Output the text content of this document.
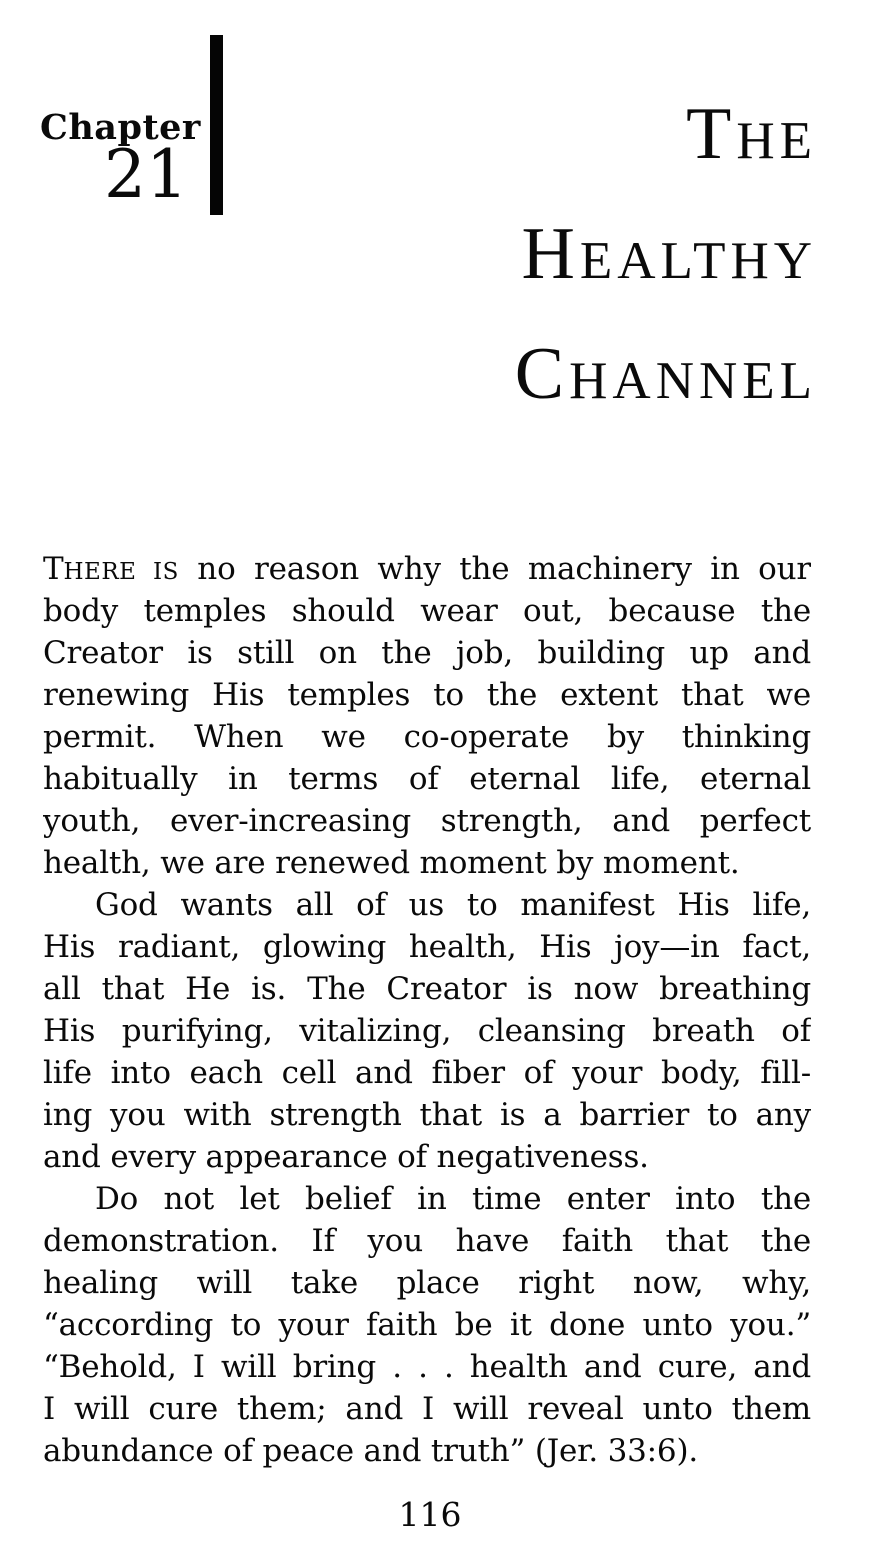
Chapter
21	THE
HEALTHY
CHANNEL
THERE IS no reason why the machinery in our
body temples should wear out, because the
Creator is still on the job, building up and
renewing His temples to the extent that we
permit. When we co-operate by thinking
habitually in terms of eternal life, eternal
youth, ever-increasing strength, and perfect
health, we are renewed moment by moment.
God wants all of us to manifest His life,
His radiant, glowing health, His joy—in fact,
all that He is. The Creator is now breathing
His purifying, vitalizing, cleansing breath of
life into each cell and fiber of your body, fill-
ing you with strength that is a barrier to any
and every appearance of negativeness.
Do not let belief in time enter into the
demonstration. If you have faith that the
healing will take place right now, why,
“according to your faith be it done unto you.”
“Behold, I will bring . . . health and cure, and
I will cure them; and I will reveal unto them
abundance of peace and truth” (Jer. 33:6).
116
